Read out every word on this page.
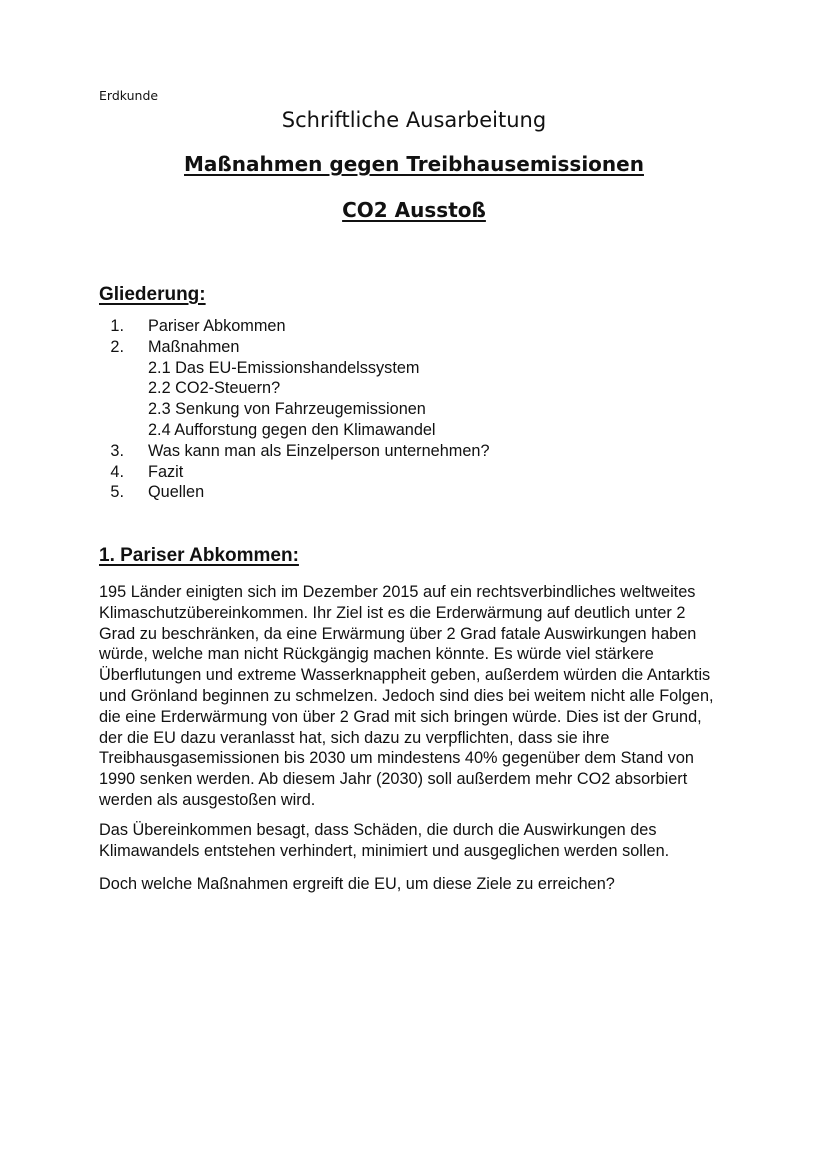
Erdkunde
Schriftliche Ausarbeitung
Maßnahmen gegen Treibhausemissionen
CO2 Ausstoß
Gliederung:
1. Pariser Abkommen
2. Maßnahmen
2.1 Das EU-Emissionshandelssystem
2.2 CO2-Steuern?
2.3 Senkung von Fahrzeugemissionen
2.4 Aufforstung gegen den Klimawandel
3. Was kann man als Einzelperson unternehmen?
4. Fazit
5. Quellen
1. Pariser Abkommen:

195 Länder einigten sich im Dezember 2015 auf ein rechtsverbindliches weltweites
Klimaschutzübereinkommen. Ihr Ziel ist es die Erderwärmung auf deutlich unter 2
Grad zu beschränken, da eine Erwärmung über 2 Grad fatale Auswirkungen haben
würde, welche man nicht Rückgängig machen könnte. Es würde viel stärkere
Überflutungen und extreme Wasserknappheit geben, außerdem würden die Antarktis
und Grönland beginnen zu schmelzen. Jedoch sind dies bei weitem nicht alle Folgen,
die eine Erderwärmung von über 2 Grad mit sich bringen würde. Dies ist der Grund,
der die EU dazu veranlasst hat, sich dazu zu verpflichten, dass sie ihre
Treibhausgasemissionen bis 2030 um mindestens 40% gegenüber dem Stand von
1990 senken werden. Ab diesem Jahr (2030) soll außerdem mehr CO2 absorbiert
werden als ausgestoßen wird.

Das Übereinkommen besagt, dass Schäden, die durch die Auswirkungen des
Klimawandels entstehen verhindert, minimiert und ausgeglichen werden sollen.

Doch welche Maßnahmen ergreift die EU, um diese Ziele zu erreichen?
